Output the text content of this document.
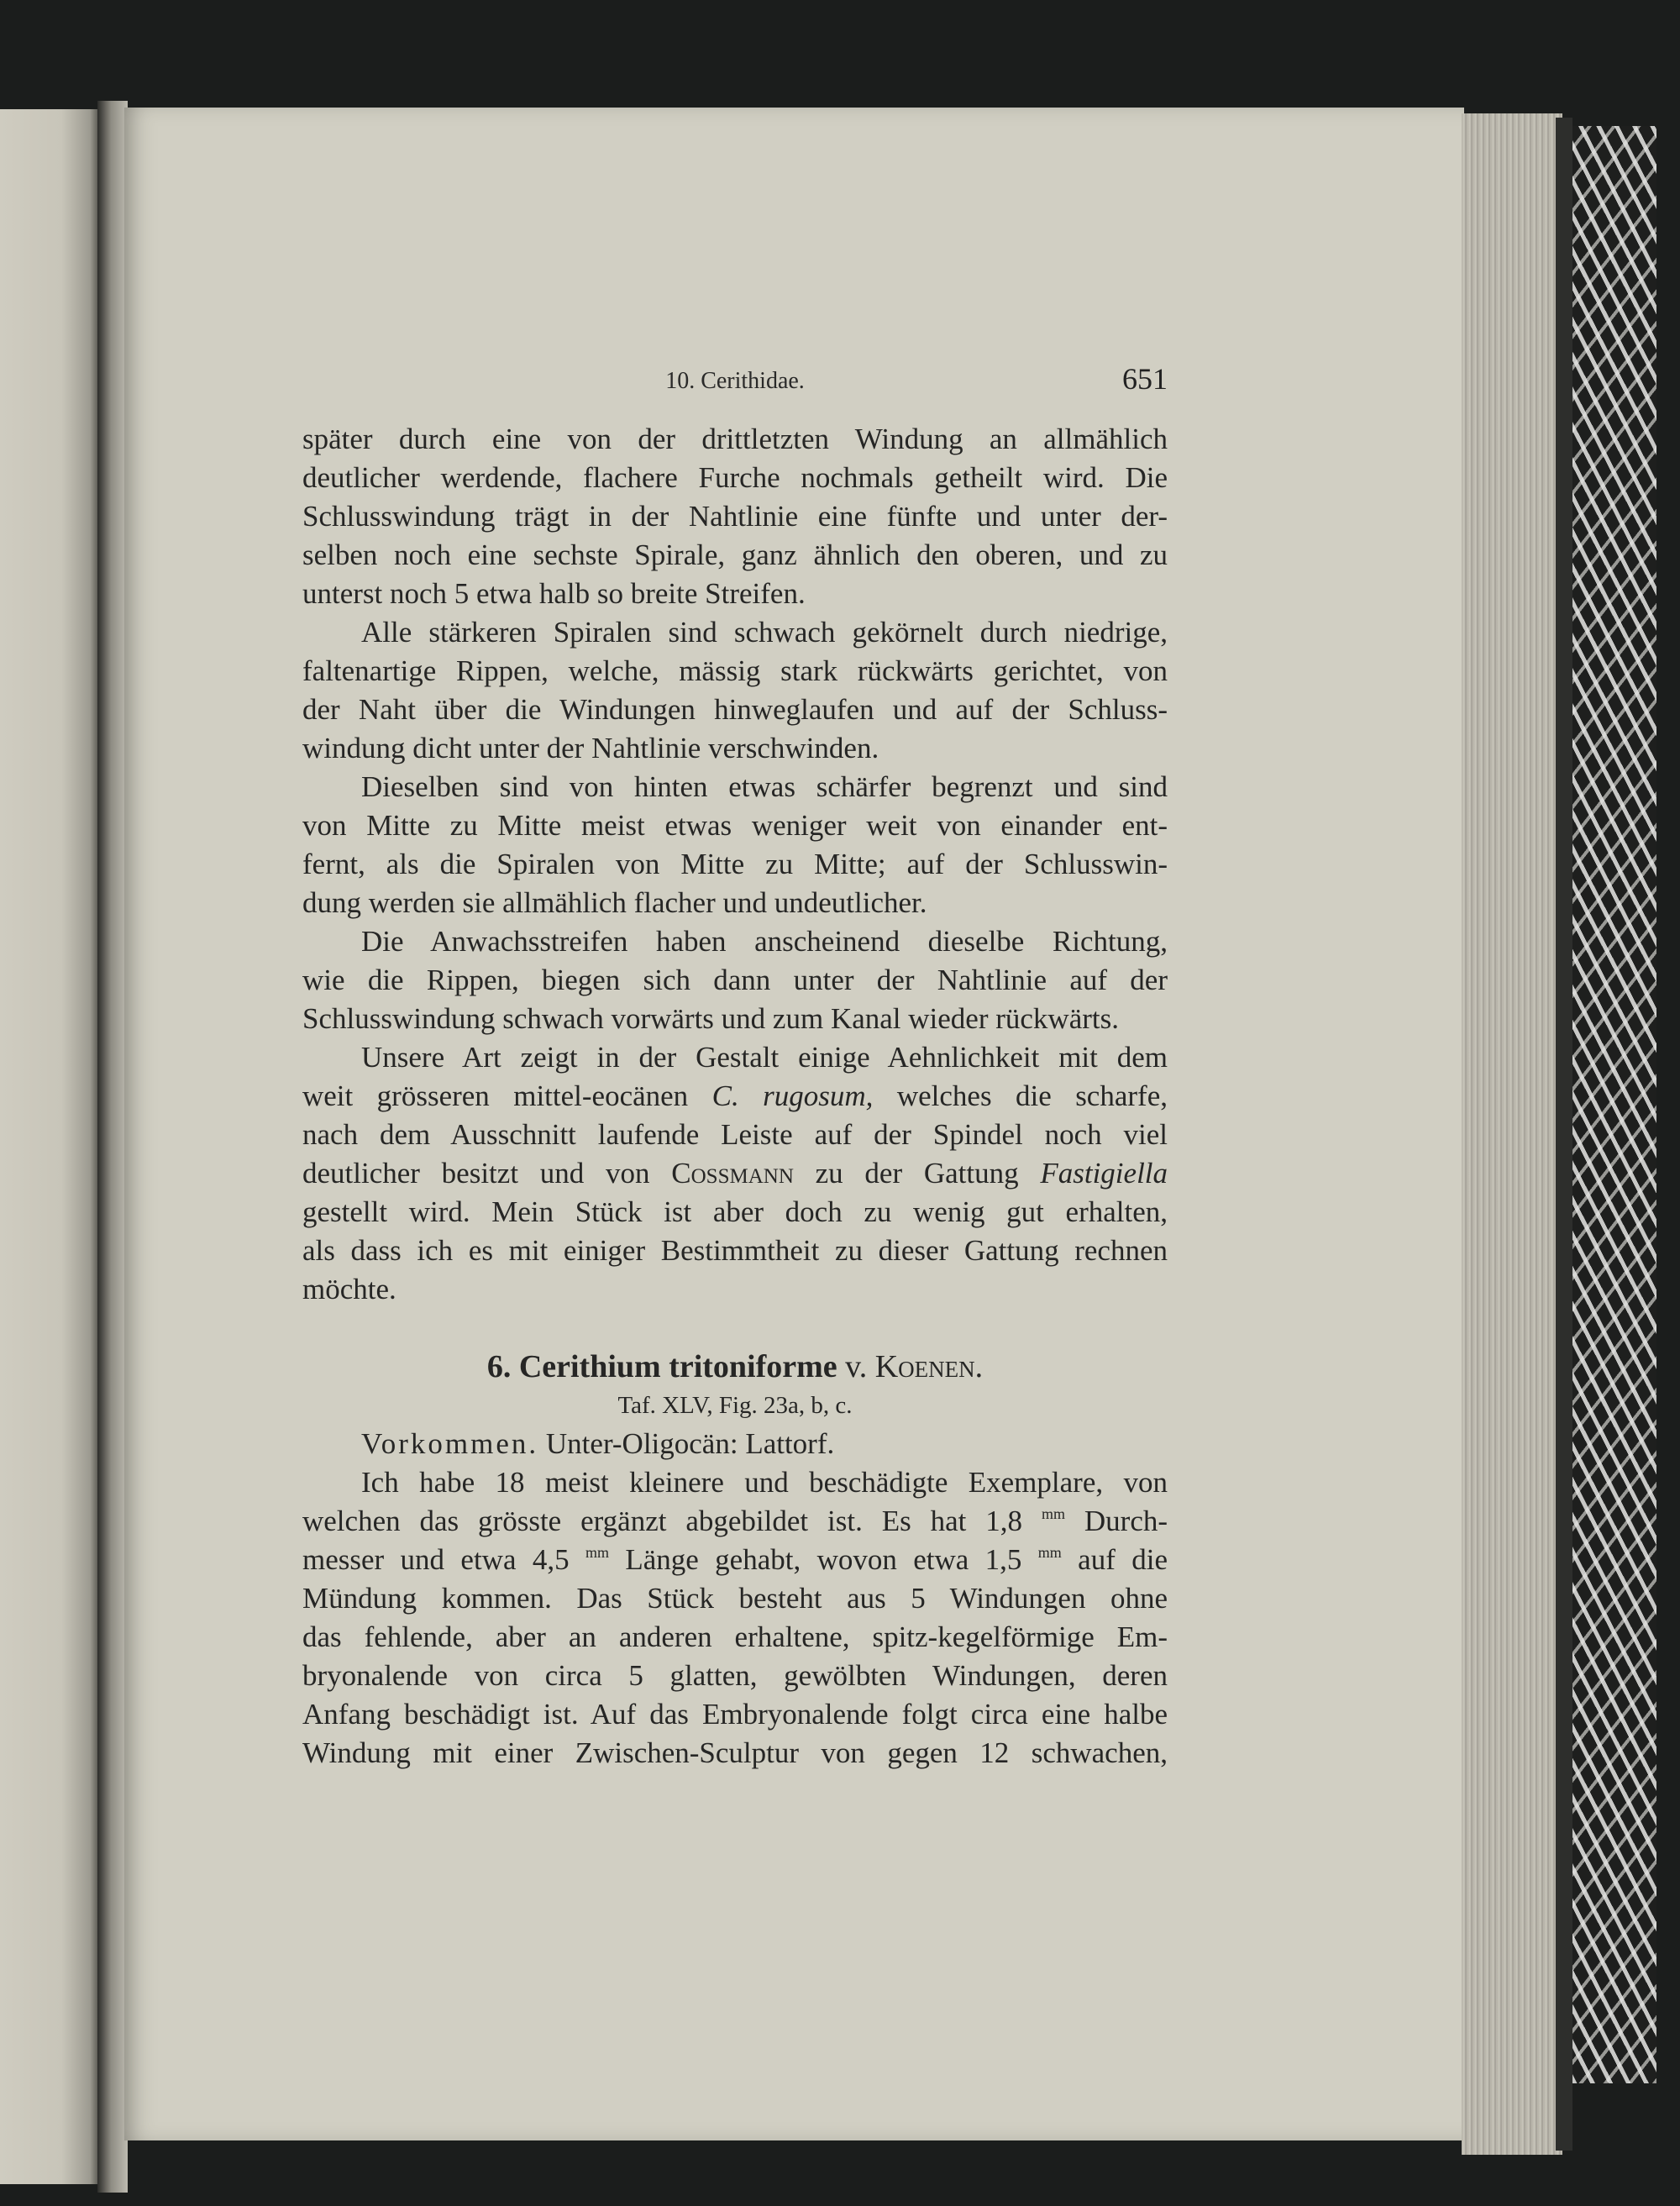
10. Cerithidae.	651
später durch eine von der drittletzten Windung an allmählich
deutlicher werdende, flachere Furche nochmals getheilt wird. Die
Schlusswindung trägt in der Nahtlinie eine fünfte und unter der-
selben noch eine sechste Spirale, ganz ähnlich den oberen, und zu
unterst noch 5 etwa halb so breite Streifen.
Alle stärkeren Spiralen sind schwach gekörnelt durch niedrige,
faltenartige Rippen, welche, mässig stark rückwärts gerichtet, von
der Naht über die Windungen hinweglaufen und auf der Schluss-
windung dicht unter der Nahtlinie verschwinden.
Dieselben sind von hinten etwas schärfer begrenzt und sind
von Mitte zu Mitte meist etwas weniger weit von einander ent-
fernt, als die Spiralen von Mitte zu Mitte; auf der Schlusswin-
dung werden sie allmählich flacher und undeutlicher.
Die Anwachsstreifen haben anscheinend dieselbe Richtung,
wie die Rippen, biegen sich dann unter der Nahtlinie auf der
Schlusswindung schwach vorwärts und zum Kanal wieder rückwärts.
Unsere Art zeigt in der Gestalt einige Aehnlichkeit mit dem
weit grösseren mittel-eocänen C. rugosum, welches die scharfe,
nach dem Ausschnitt laufende Leiste auf der Spindel noch viel
deutlicher besitzt und von Cossmann zu der Gattung Fastigiella
gestellt wird. Mein Stück ist aber doch zu wenig gut erhalten,
als dass ich es mit einiger Bestimmtheit zu dieser Gattung rechnen
möchte.
6. Cerithium tritoniforme v. Koenen.
Taf. XLV, Fig. 23a, b, c.
Vorkommen. Unter-Oligocän: Lattorf.
Ich habe 18 meist kleinere und beschädigte Exemplare, von
welchen das grösste ergänzt abgebildet ist. Es hat 1,8 $^{mm}$ Durch-
messer und etwa 4,5 $^{mm}$ Länge gehabt, wovon etwa 1,5 $^{mm}$ auf die
Mündung kommen. Das Stück besteht aus 5 Windungen ohne
das fehlende, aber an anderen erhaltene, spitz-kegelförmige Em-
bryonalende von circa 5 glatten, gewölbten Windungen, deren
Anfang beschädigt ist. Auf das Embryonalende folgt circa eine halbe
Windung mit einer Zwischen-Sculptur von gegen 12 schwachen,
